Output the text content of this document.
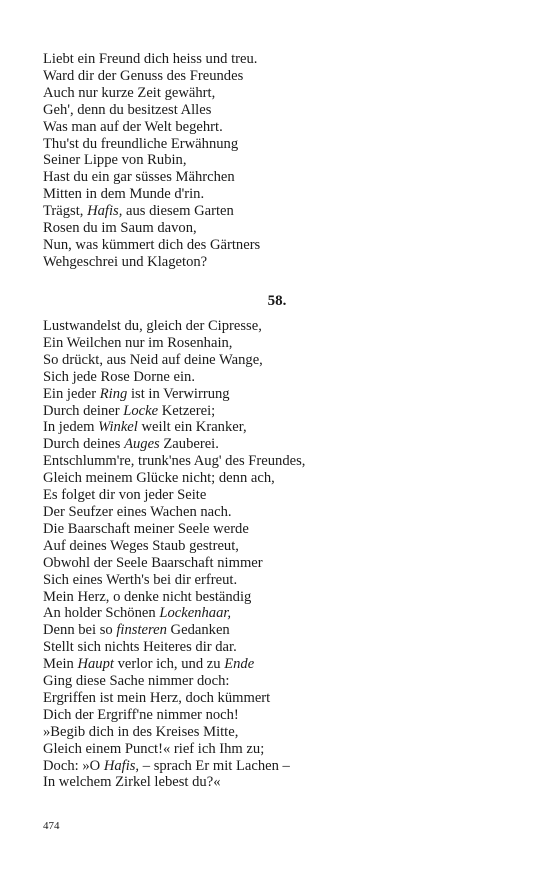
Liebt ein Freund dich heiss und treu.
Ward dir der Genuss des Freundes
Auch nur kurze Zeit gewährt,
Geh', denn du besitzest Alles
Was man auf der Welt begehrt.
Thu'st du freundliche Erwähnung
Seiner Lippe von Rubin,
Hast du ein gar süsses Mährchen
Mitten in dem Munde d'rin.
Trägst, Hafis, aus diesem Garten
Rosen du im Saum davon,
Nun, was kümmert dich des Gärtners
Wehgeschrei und Klageton?
58.
Lustwandelst du, gleich der Cipresse,
Ein Weilchen nur im Rosenhain,
So drückt, aus Neid auf deine Wange,
Sich jede Rose Dorne ein.
Ein jeder Ring ist in Verwirrung
Durch deiner Locke Ketzerei;
In jedem Winkel weilt ein Kranker,
Durch deines Auges Zauberei.
Entschlumm're, trunk'nes Aug' des Freundes,
Gleich meinem Glücke nicht; denn ach,
Es folget dir von jeder Seite
Der Seufzer eines Wachen nach.
Die Baarschaft meiner Seele werde
Auf deines Weges Staub gestreut,
Obwohl der Seele Baarschaft nimmer
Sich eines Werth's bei dir erfreut.
Mein Herz, o denke nicht beständig
An holder Schönen Lockenhaar,
Denn bei so finsteren Gedanken
Stellt sich nichts Heiteres dir dar.
Mein Haupt verlor ich, und zu Ende
Ging diese Sache nimmer doch:
Ergriffen ist mein Herz, doch kümmert
Dich der Ergriff'ne nimmer noch!
»Begib dich in des Kreises Mitte,
Gleich einem Punct!« rief ich Ihm zu;
Doch: »O Hafis, – sprach Er mit Lachen –
In welchem Zirkel lebest du?«
474
